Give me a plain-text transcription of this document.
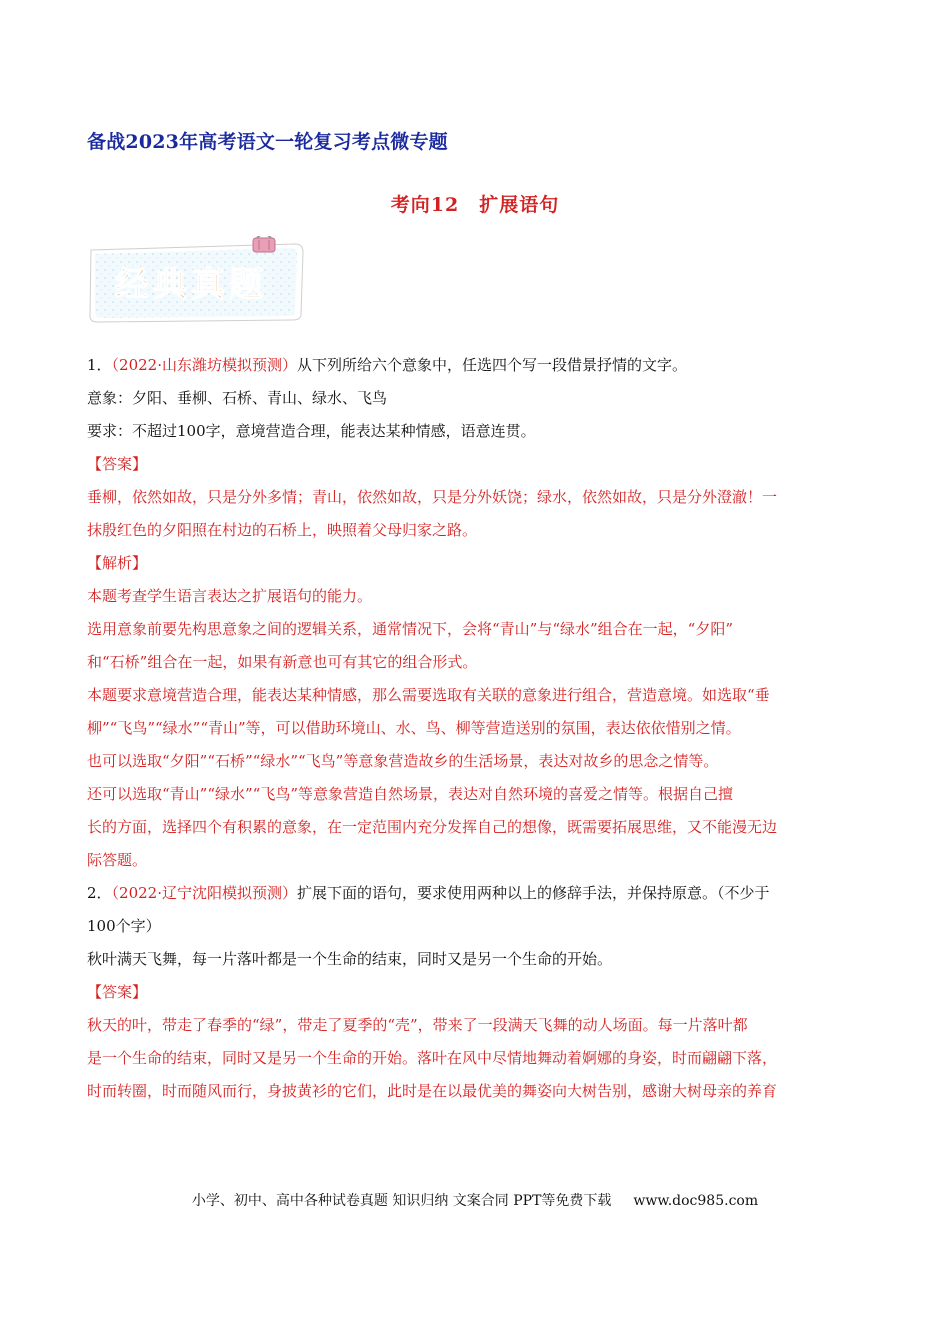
备战2023年高考语文一轮复习考点微专题
考向12　扩展语句
经典真题
1．（2022·山东潍坊模拟预测）从下列所给六个意象中，任选四个写一段借景抒情的文字。
意象：夕阳、垂柳、石桥、青山、绿水、飞鸟
要求：不超过100字，意境营造合理，能表达某种情感，语意连贯。
【答案】
垂柳，依然如故，只是分外多情；青山，依然如故，只是分外妖饶；绿水，依然如故，只是分外澄澈！一
抹殷红色的夕阳照在村边的石桥上，映照着父母归家之路。
【解析】
本题考查学生语言表达之扩展语句的能力。
选用意象前要先构思意象之间的逻辑关系，通常情况下，会将“青山”与“绿水”组合在一起，“夕阳”
和“石桥”组合在一起，如果有新意也可有其它的组合形式。
本题要求意境营造合理，能表达某种情感，那么需要选取有关联的意象进行组合，营造意境。如选取“垂
柳”“飞鸟”“绿水”“青山”等，可以借助环境山、水、鸟、柳等营造送别的氛围，表达依依惜别之情。
也可以选取“夕阳”“石桥”“绿水”“飞鸟”等意象营造故乡的生活场景，表达对故乡的思念之情等。
还可以选取“青山”“绿水”“飞鸟”等意象营造自然场景，表达对自然环境的喜爱之情等。根据自己擅
长的方面，选择四个有积累的意象，在一定范围内充分发挥自己的想像，既需要拓展思维，又不能漫无边
际答题。
2．（2022·辽宁沈阳模拟预测）扩展下面的语句，要求使用两种以上的修辞手法，并保持原意。（不少于
100个字）
秋叶满天飞舞，每一片落叶都是一个生命的结束，同时又是另一个生命的开始。
【答案】
秋天的叶，带走了春季的“绿”，带走了夏季的“壳”，带来了一段满天飞舞的动人场面。每一片落叶都
是一个生命的结束，同时又是另一个生命的开始。落叶在风中尽情地舞动着婀娜的身姿，时而翩翩下落，
时而转圈，时而随风而行，身披黄衫的它们，此时是在以最优美的舞姿向大树告别，感谢大树母亲的养育
小学、初中、高中各种试卷真题 知识归纳 文案合同 PPT等免费下载 www.doc985.com
